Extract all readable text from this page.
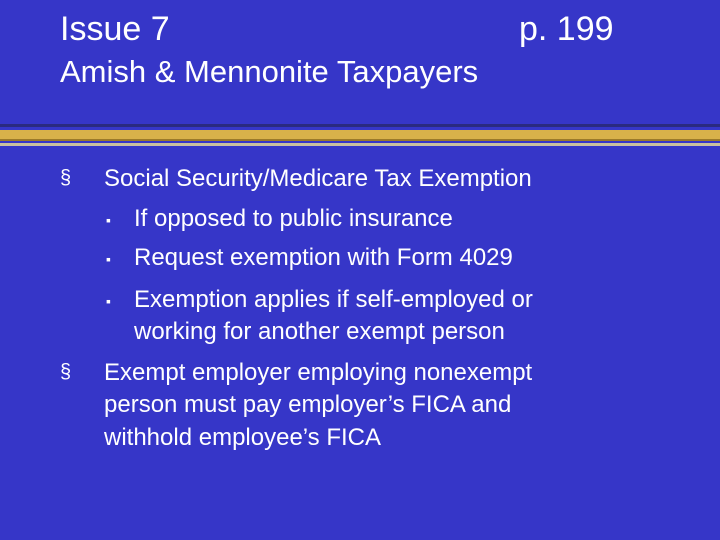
Issue 7	p. 199
Amish & Mennonite Taxpayers
§ Social Security/Medicare Tax Exemption
▪ If opposed to public insurance
▪ Request exemption with Form 4029
▪ Exemption applies if self-employed or
working for another exempt person
§ Exempt employer employing nonexempt
person must pay employer’s FICA and
withhold employee’s FICA
